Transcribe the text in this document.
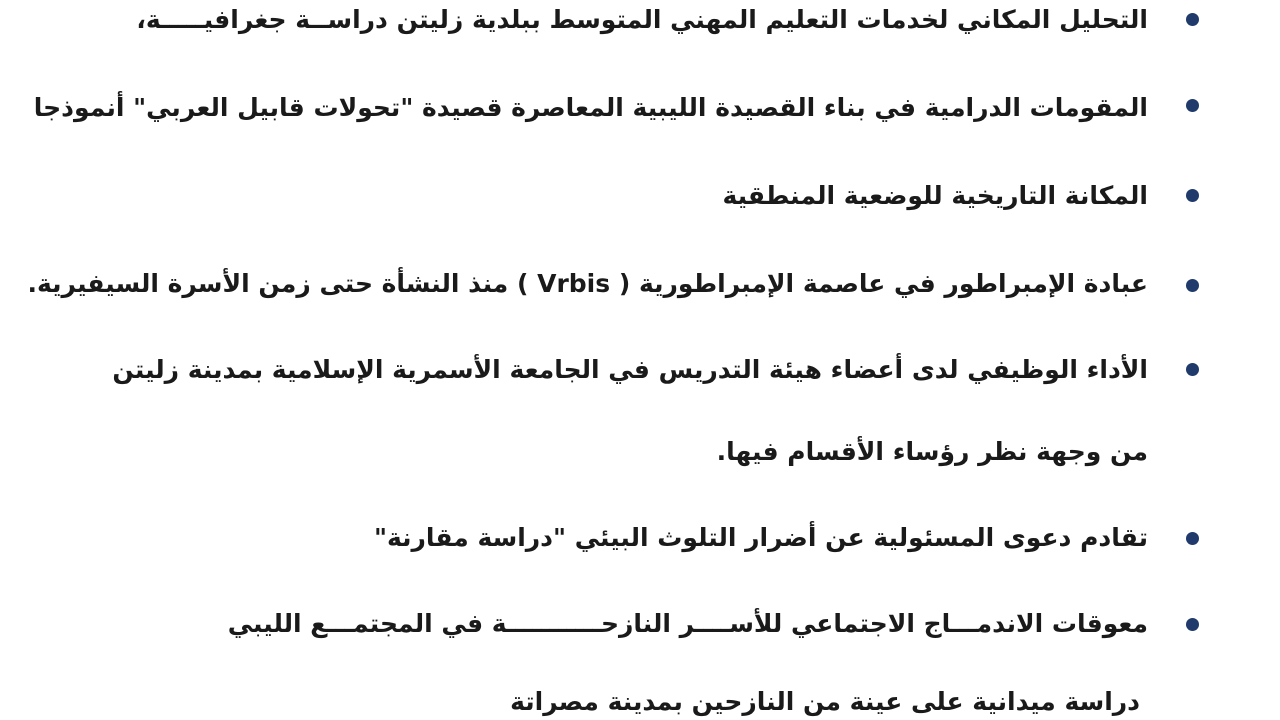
التحليل المكاني لخدمات التعليم المهني المتوسط ببلدية زليتن دراســة جغرافيـــــة،
المقومات الدرامية في بناء القصيدة الليبية المعاصرة قصيدة "تحولات قابيل العربي" أنموذجا
المكانة التاريخية للوضعية المنطقية
عبادة الإمبراطور في عاصمة الإمبراطورية ( Vrbis ) منذ النشأة حتى زمن الأسرة السيفيرية.
الأداء الوظيفي لدى أعضاء هيئة التدريس في الجامعة الأسمرية الإسلامية بمدينة زليتن
من وجهة نظر رؤساء الأقسام فيها.
تقادم دعوى المسئولية عن أضرار التلوث البيئي "دراسة مقارنة"
معوقات الاندمـــاج الاجتماعي للأســــر النازحـــــــــــة في المجتمـــع الليبي
دراسة ميدانية على عينة من النازحين بمدينة مصراتة
